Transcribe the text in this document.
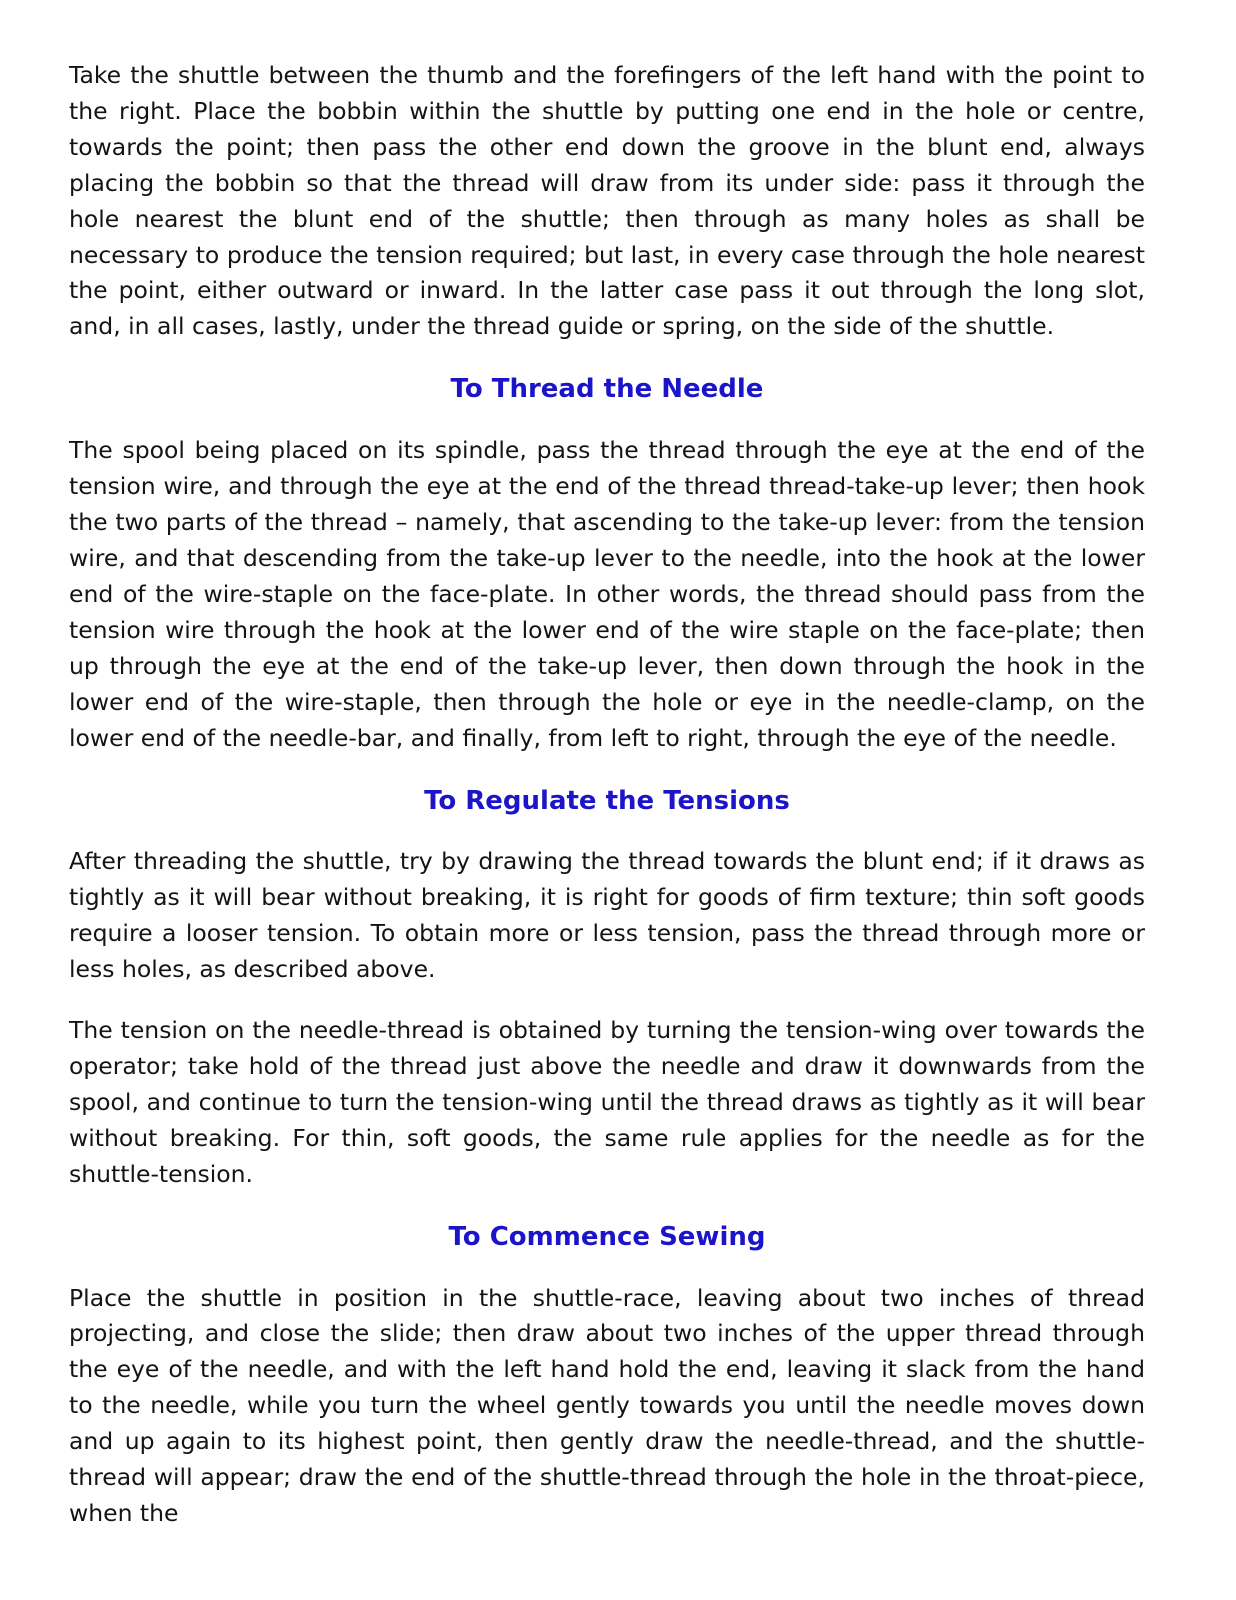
Take the shuttle between the thumb and the forefingers of the left hand with the point to the right. Place the bobbin within the shuttle by putting one end in the hole or centre, towards the point; then pass the other end down the groove in the blunt end, always placing the bobbin so that the thread will draw from its under side: pass it through the hole nearest the blunt end of the shuttle; then through as many holes as shall be necessary to produce the tension required; but last, in every case through the hole nearest the point, either outward or inward. In the latter case pass it out through the long slot, and, in all cases, lastly, under the thread guide or spring, on the side of the shuttle.

To Thread the Needle

The spool being placed on its spindle, pass the thread through the eye at the end of the tension wire, and through the eye at the end of the thread thread-take-up lever; then hook the two parts of the thread – namely, that ascending to the take-up lever: from the tension wire, and that descending from the take-up lever to the needle, into the hook at the lower end of the wire-staple on the face-plate. In other words, the thread should pass from the tension wire through the hook at the lower end of the wire staple on the face-plate; then up through the eye at the end of the take-up lever, then down through the hook in the lower end of the wire-staple, then through the hole or eye in the needle-clamp, on the lower end of the needle-bar, and finally, from left to right, through the eye of the needle.

To Regulate the Tensions

After threading the shuttle, try by drawing the thread towards the blunt end; if it draws as tightly as it will bear without breaking, it is right for goods of firm texture; thin soft goods require a looser tension. To obtain more or less tension, pass the thread through more or less holes, as described above.

The tension on the needle-thread is obtained by turning the tension-wing over towards the operator; take hold of the thread just above the needle and draw it downwards from the spool, and continue to turn the tension-wing until the thread draws as tightly as it will bear without breaking. For thin, soft goods, the same rule applies for the needle as for the shuttle-tension.

To Commence Sewing

Place the shuttle in position in the shuttle-race, leaving about two inches of thread projecting, and close the slide; then draw about two inches of the upper thread through the eye of the needle, and with the left hand hold the end, leaving it slack from the hand to the needle, while you turn the wheel gently towards you until the needle moves down and up again to its highest point, then gently draw the needle-thread, and the shuttle-thread will appear; draw the end of the shuttle-thread through the hole in the throat-piece, when the
